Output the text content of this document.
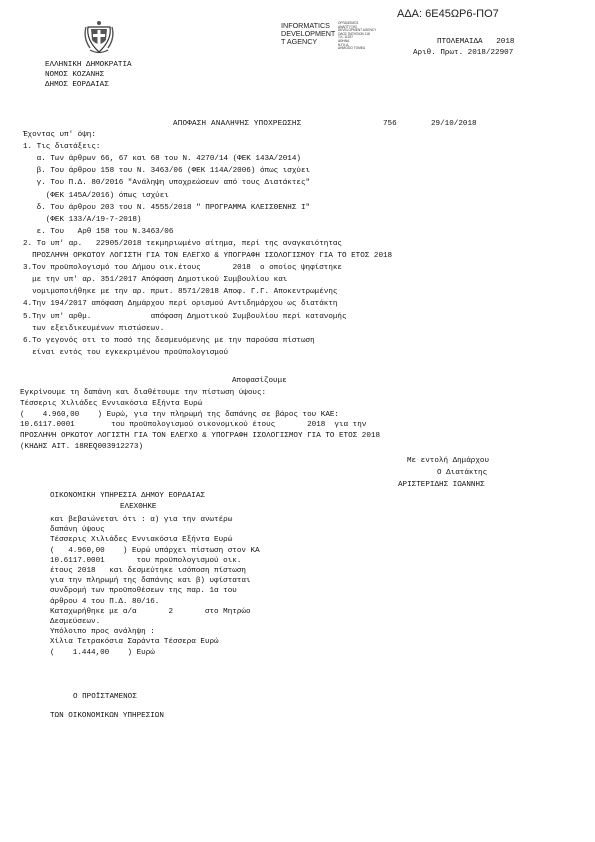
ΑΔΑ: 6Ε45ΩΡ6-ΠΟ7
INFORMATICS
DEVELOPMENT
T AGENCY
ΟΡΓΑΝΙΣΜΟΣ
ΑΝΑΠΤΥΞΗΣ
DEVELOPMENT AGENCY
ΟΔΟΣ ΠΑΤΗΣΙΩΝ 118
Τ.Κ. 11257
ΑΘΗΝΑ
Ν.Π.Ι.Δ.
ΔΗΜΟΣΙΟ ΤΟΜΕΑ
ΕΛΛΗΝΙΚΗ ΔΗΜΟΚΡΑΤΙΑ
ΝΟΜΟΣ ΚΟΖΑΝΗΣ
ΔΗΜΟΣ ΕΟΡΔΑΙΑΣ
ΠΤΟΛΕΜΑΙΔΑ   2018
Αριθ. Πρωτ. 2018/22907
ΑΠΟΦΑΣΗ ΑΝΑΛΗΨΗΣ ΥΠΟΧΡΕΩΣΗΣ	756	29/10/2018
Έχοντας υπ' όψη:
1. Τις διατάξεις:
α. Των άρθρων 66, 67 και 68 του Ν. 4270/14 (ΦΕΚ 143Α/2014)
β. Του άρθρου 158 του Ν. 3463/06 (ΦΕΚ 114Α/2006) όπως ισχύει
γ. Του Π.Δ. 80/2016 "Ανάληψη υποχρεώσεων από τους Διατάκτες"
(ΦΕΚ 145Α/2016) όπως ισχύει
δ. Του άρθρου 203 του Ν. 4555/2018 " ΠΡΟΓΡΑΜΜΑ ΚΛΕΙΣΘΕΝΗΣ Ι"
(ΦΕΚ 133/Α/19-7-2018)
ε. Του   Αρθ 158 του Ν.3463/06
2. Το υπ' αρ.   22905/2018 τεκμηριωμένο αίτημα, περί της αναγκαιότητας
ΠΡΟΣΛΗΨΗ ΟΡΚΩΤΟΥ ΛΟΓΙΣΤΗ ΓΙΑ ΤΟΝ ΕΛΕΓΧΟ & ΥΠΟΓΡΑΦΗ ΙΣΟΛΟΓΙΣΜΟΥ ΓΙΑ ΤΟ ΕΤΟΣ 2018
3.Τον προϋπολογισμό του Δήμου οικ.έτους       2018  ο οποίος ψηφίστηκε
με την υπ' αρ. 351/2017 Απόφαση Δημοτικού Συμβουλίου και
νομιμοποιήθηκε με την αρ. πρωτ. 8571/2018 Αποφ. Γ.Γ. Αποκεντρωμένης
4.Την 194/2017 απόφαση Δημάρχου περί ορισμού Αντιδημάρχου ως διατάκτη
5.Την υπ' αρθμ.             απόφαση Δημοτικού Συμβουλίου περί κατανομής
των εξειδικευμένων πιστώσεων.
6.Το γεγονός οτι το ποσό της δεσμευόμενης με την παρούσα πίστωση
είναι εντός του εγκεκριμένου προϋπολογισμού
Αποφασίζουμε
Εγκρίνουμε τη δαπάνη και διαθέτουμε την πίστωση ύψους:
Τέσσερις Χιλιάδες Εννιακόσια Εξήντα Ευρώ
(    4.960,00    ) Ευρώ, για την πληρωμή της δαπάνης σε βάρος του ΚΑΕ:
10.6117.0001        του προϋπολογισμού οικονομικού έτους       2018  για την
ΠΡΟΣΛΗΨΗ ΟΡΚΩΤΟΥ ΛΟΓΙΣΤΗ ΓΙΑ ΤΟΝ ΕΛΕΓΧΟ & ΥΠΟΓΡΑΦΗ ΙΣΟΛΟΓΙΣΜΟΥ ΓΙΑ ΤΟ ΕΤΟΣ 2018
(ΚΗΔΗΣ ΑΙΤ. 18REQ003912273)
Με εντολή Δημάρχου
Ο Διατάκτης
ΑΡΙΣΤΕΡΙΔΗΣ ΙΩΑΝΝΗΣ
ΟΙΚΟΝΟΜΙΚΗ ΥΠΗΡΕΣΙΑ ΔΗΜΟΥ ΕΟΡΔΑΙΑΣ
ΕΛΕΧΘΗΚΕ
και βεβαιώνεται ότι : α) για την ανωτέρω
δαπάνη ύψους
Τέσσερις Χιλιάδες Εννιακόσια Εξήντα Ευρώ
(   4.960,00    ) Ευρώ υπάρχει πίστωση στον ΚΑ
10.6117.0001       του προϋπολογισμού οικ.
έτους 2018   και δεσμεύτηκε ισόποση πίστωση
για την πληρωμή της δαπάνης και β) υφίσταται
συνδρομή των προϋποθέσεων της παρ. 1α του
άρθρου 4 του Π.Δ. 80/16.
Καταχωρήθηκε με α/α       2       στο Μητρώο
Δεσμεύσεων.
Υπόλοιπο προς ανάληψη :
Χίλια Τετρακόσια Σαράντα Τέσσερα Ευρώ
(    1.444,00    ) Ευρώ
Ο ΠΡΟΪΣΤΑΜΕΝΟΣ
ΤΩΝ ΟΙΚΟΝΟΜΙΚΩΝ ΥΠΗΡΕΣΙΩΝ
